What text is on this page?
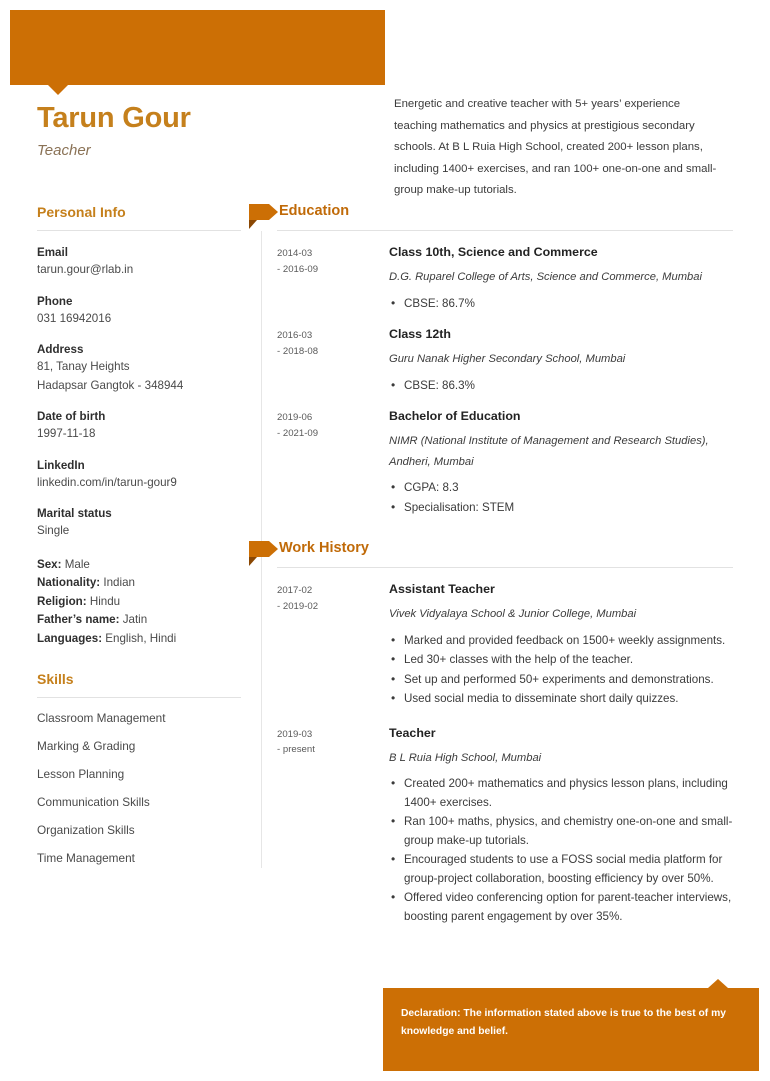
Tarun Gour
Teacher
Energetic and creative teacher with 5+ years’ experience teaching mathematics and physics at prestigious secondary schools. At B L Ruia High School, created 200+ lesson plans, including 1400+ exercises, and ran 100+ one-on-one and small-group make-up tutorials.
Personal Info
Email
tarun.gour@rlab.in
Phone
031 16942016
Address
81, Tanay Heights
Hadapsar Gangtok - 348944
Date of birth
1997-11-18
LinkedIn
linkedin.com/in/tarun-gour9
Marital status
Single
Sex: Male
Nationality: Indian
Religion: Hindu
Father’s name: Jatin
Languages: English, Hindi
Skills
Classroom Management
Marking & Grading
Lesson Planning
Communication Skills
Organization Skills
Time Management
Education
2014-03
- 2016-09
Class 10th, Science and Commerce
D.G. Ruparel College of Arts, Science and Commerce, Mumbai
• CBSE: 86.7%
2016-03
- 2018-08
Class 12th
Guru Nanak Higher Secondary School, Mumbai
• CBSE: 86.3%
2019-06
- 2021-09
Bachelor of Education
NIMR (National Institute of Management and Research Studies), Andheri, Mumbai
• CGPA: 8.3
• Specialisation: STEM
Work History
2017-02
- 2019-02
Assistant Teacher
Vivek Vidyalaya School & Junior College, Mumbai
• Marked and provided feedback on 1500+ weekly assignments.
• Led 30+ classes with the help of the teacher.
• Set up and performed 50+ experiments and demonstrations.
• Used social media to disseminate short daily quizzes.
2019-03
- present
Teacher
B L Ruia High School, Mumbai
• Created 200+ mathematics and physics lesson plans, including 1400+ exercises.
• Ran 100+ maths, physics, and chemistry one-on-one and small-group make-up tutorials.
• Encouraged students to use a FOSS social media platform for group-project collaboration, boosting efficiency by over 50%.
• Offered video conferencing option for parent-teacher interviews, boosting parent engagement by over 35%.
Declaration: The information stated above is true to the best of my knowledge and belief.
